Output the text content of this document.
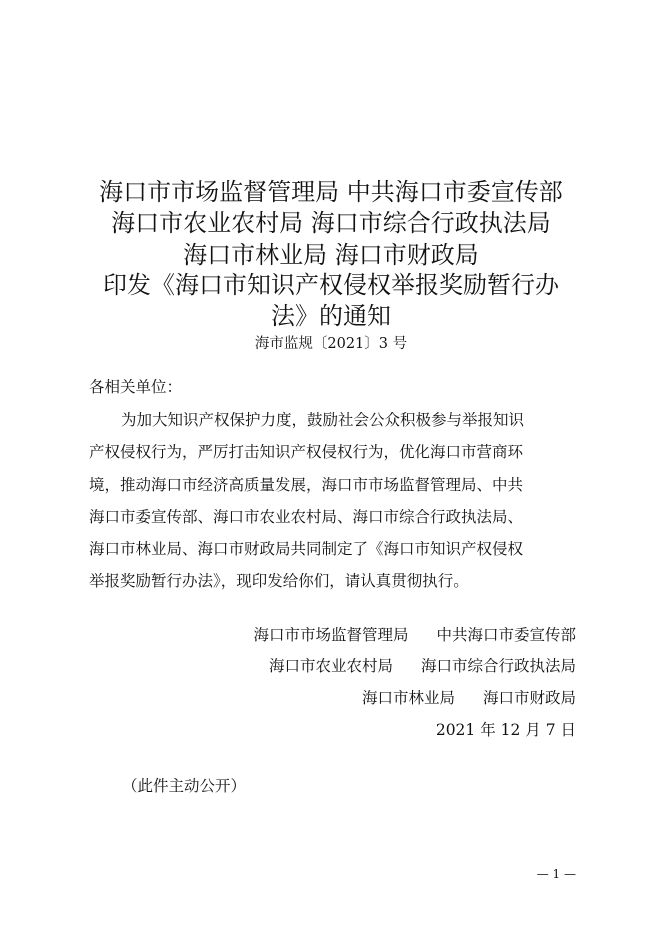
海口市市场监督管理局 中共海口市委宣传部
海口市农业农村局 海口市综合行政执法局
海口市林业局 海口市财政局
印发《海口市知识产权侵权举报奖励暂行办
法》的通知
海市监规〔2021〕3 号
各相关单位：
为加大知识产权保护力度，鼓励社会公众积极参与举报知识
产权侵权行为，严厉打击知识产权侵权行为，优化海口市营商环
境，推动海口市经济高质量发展，海口市市场监督管理局、中共
海口市委宣传部、海口市农业农村局、海口市综合行政执法局、
海口市林业局、海口市财政局共同制定了《海口市知识产权侵权
举报奖励暂行办法》，现印发给你们，请认真贯彻执行。
海口市市场监督管理局 中共海口市委宣传部
海口市农业农村局 海口市综合行政执法局
海口市林业局 海口市财政局
2021 年 12 月 7 日
（此件主动公开）
— 1 —
